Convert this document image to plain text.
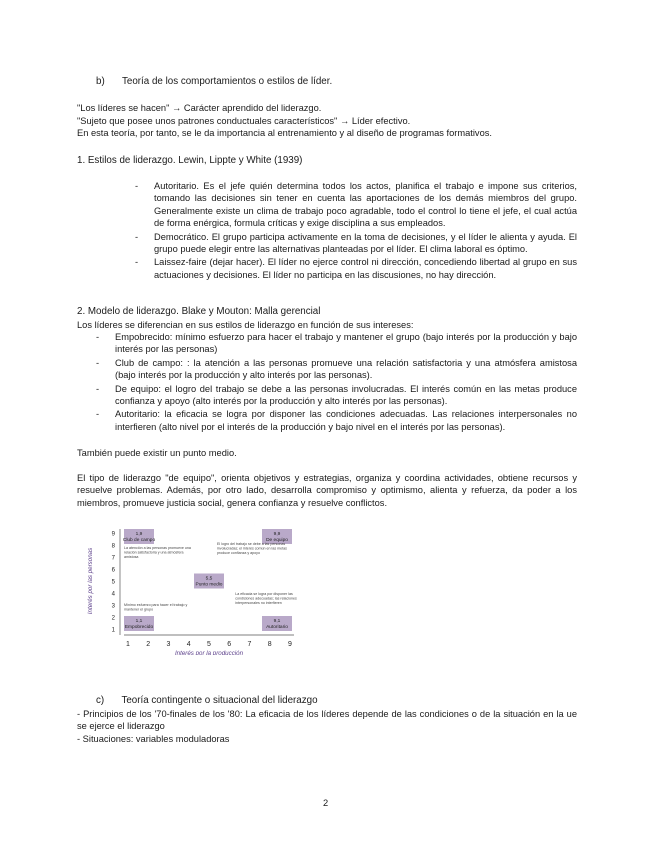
b) Teoría de los comportamientos o estilos de líder.
"Los líderes se hacen" → Carácter aprendido del liderazgo.
"Sujeto que posee unos patrones conductuales característicos" → Líder efectivo.
En esta teoría, por tanto, se le da importancia al entrenamiento y al diseño de programas formativos.
1. Estilos de liderazgo. Lewin, Lippte y White (1939)
- Autoritario. Es el jefe quién determina todos los actos, planifica el trabajo e impone sus criterios, tomando las decisiones sin tener en cuenta las aportaciones de los demás miembros del grupo. Generalmente existe un clima de trabajo poco agradable, todo el control lo tiene el jefe, el cual actúa de forma enérgica, formula críticas y exige disciplina a sus empleados.
- Democrático. El grupo participa activamente en la toma de decisiones, y el líder le alienta y ayuda. El grupo puede elegir entre las alternativas planteadas por el líder. El clima laboral es óptimo.
- Laissez-faire (dejar hacer). El líder no ejerce control ni dirección, concediendo libertad al grupo en sus actuaciones y decisiones. El líder no participa en las discusiones, no hay dirección.
2. Modelo de liderazgo. Blake y Mouton: Malla gerencial
Los líderes se diferencian en sus estilos de liderazgo en función de sus intereses:
- Empobrecido: mínimo esfuerzo para hacer el trabajo y mantener el grupo (bajo interés por la producción y bajo interés por las personas)
- Club de campo: : la atención a las personas promueve una relación satisfactoria y una atmósfera amistosa (bajo interés por la producción y alto interés por las personas).
- De equipo: el logro del trabajo se debe a las personas involucradas. El interés común en las metas produce confianza y apoyo (alto interés por la producción y alto interés por las personas).
- Autoritario: la eficacia se logra por disponer las condiciones adecuadas. Las relaciones interpersonales no interfieren (alto nivel por el interés de la producción y bajo nivel en el interés por las personas).
También puede existir un punto medio.
El tipo de liderazgo "de equipo", orienta objetivos y estrategias, organiza y coordina actividades, obtiene recursos y resuelve problemas. Además, por otro lado, desarrolla compromiso y optimismo, alienta y refuerza, da poder a los miembros, promueve justicia social, genera confianza y resuelve conflictos.
1 2 3 4 5 6 7 8 9
1
2
3
4
5
6
7
8
9
Interés por la producción
Interés por las personas
1,9
Club de campo
La atención a las personas promueve una relación satisfactoria y una atmósfera amistosa
9,9
De equipo
El logro del trabajo se debe a las personas involucradas; el interés común en las metas produce confianza y apoyo
5,5
Punto medio
1,1
Empobrecido
Mínimo esfuerzo para hacer el trabajo y mantener el grupo
9,1
Autoritario
La eficacia se logra por disponer las condiciones adecuadas; las relaciones interpersonales no interfieren
c) Teoría contingente o situacional del liderazgo
- Principios de los '70-finales de los '80: La eficacia de los líderes depende de las condiciones o de la situación en la ue se ejerce el liderazgo
- Situaciones: variables moduladoras
2
